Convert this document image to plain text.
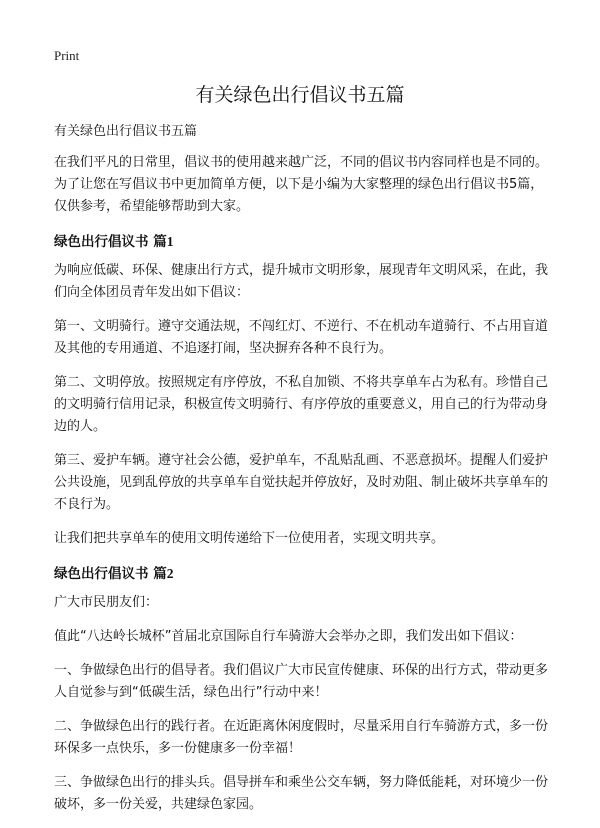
Print
有关绿色出行倡议书五篇

有关绿色出行倡议书五篇

在我们平凡的日常里，倡议书的使用越来越广泛，不同的倡议书内容同样也是不同的。为了让您在写倡议书中更加简单方便，以下是小编为大家整理的绿色出行倡议书5篇，仅供参考，希望能够帮助到大家。

绿色出行倡议书 篇1

为响应低碳、环保、健康出行方式，提升城市文明形象，展现青年文明风采，在此，我们向全体团员青年发出如下倡议：

第一、文明骑行。遵守交通法规，不闯红灯、不逆行、不在机动车道骑行、不占用盲道及其他的专用通道、不追逐打闹，坚决摒弃各种不良行为。

第二、文明停放。按照规定有序停放，不私自加锁、不将共享单车占为私有。珍惜自己的文明骑行信用记录，积极宣传文明骑行、有序停放的重要意义，用自己的行为带动身边的人。

第三、爱护车辆。遵守社会公德，爱护单车，不乱贴乱画、不恶意损坏。提醒人们爱护公共设施，见到乱停放的共享单车自觉扶起并停放好，及时劝阻、制止破坏共享单车的不良行为。

让我们把共享单车的使用文明传递给下一位使用者，实现文明共享。

绿色出行倡议书 篇2

广大市民朋友们：

值此“八达岭长城杯”首届北京国际自行车骑游大会举办之即，我们发出如下倡议：

一、争做绿色出行的倡导者。我们倡议广大市民宣传健康、环保的出行方式，带动更多人自觉参与到“低碳生活，绿色出行”行动中来！

二、争做绿色出行的践行者。在近距离休闲度假时，尽量采用自行车骑游方式，多一份环保多一点快乐，多一份健康多一份幸福！

三、争做绿色出行的排头兵。倡导拼车和乘坐公交车辆，努力降低能耗，对环境少一份破坏，多一份关爱，共建绿色家园。
